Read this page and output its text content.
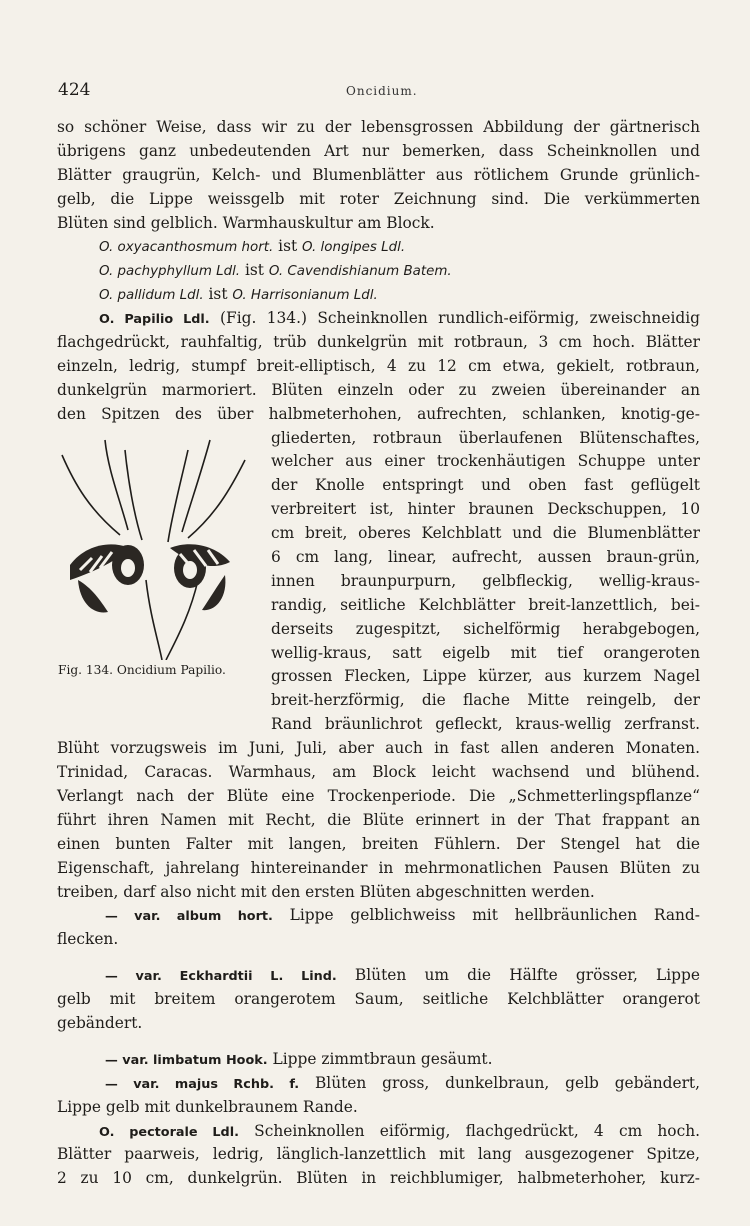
424	Oncidium.
so schöner Weise, dass wir zu der lebensgrossen Abbildung der gärtnerisch
übrigens ganz unbedeutenden Art nur bemerken, dass Scheinknollen und
Blätter graugrün, Kelch- und Blumenblätter aus rötlichem Grunde grünlich-
gelb, die Lippe weissgelb mit roter Zeichnung sind. Die verkümmerten
Blüten sind gelblich. Warmhauskultur am Block.
O. oxyacanthosmum hort. ist O. longipes Ldl.
O. pachyphyllum Ldl. ist O. Cavendishianum Batem.
O. pallidum Ldl. ist O. Harrisonianum Ldl.
O. Papilio Ldl. (Fig. 134.) Scheinknollen rundlich-eiförmig, zweischneidig
flachgedrückt, rauhfaltig, trüb dunkelgrün mit rotbraun, 3 cm hoch. Blätter
einzeln, ledrig, stumpf breit-elliptisch, 4 zu 12 cm etwa, gekielt, rotbraun,
dunkelgrün marmoriert. Blüten einzeln oder zu zweien übereinander an
den Spitzen des über halbmeterhohen, aufrechten, schlanken, knotig-ge-
gliederten, rotbraun überlaufenen Blütenschaftes,
welcher aus einer trockenhäutigen Schuppe unter
der Knolle entspringt und oben fast geflügelt
verbreitert ist, hinter braunen Deckschuppen, 10
cm breit, oberes Kelchblatt und die Blumenblätter
6 cm lang, linear, aufrecht, aussen braun-grün,
innen braunpurpurn, gelbfleckig, wellig-kraus-
randig, seitliche Kelchblätter breit-lanzettlich, bei-
derseits zugespitzt, sichelförmig herabgebogen,
wellig-kraus, satt eigelb mit tief orangeroten
grossen Flecken, Lippe kürzer, aus kurzem Nagel
breit-herzförmig, die flache Mitte reingelb, der
Rand bräunlichrot gefleckt, kraus-wellig zerfranst.
Blüht vorzugsweis im Juni, Juli, aber auch in fast allen anderen Monaten.
Trinidad, Caracas. Warmhaus, am Block leicht wachsend und blühend.
Verlangt nach der Blüte eine Trockenperiode. Die „Schmetterlingspflanze“
führt ihren Namen mit Recht, die Blüte erinnert in der That frappant an
einen bunten Falter mit langen, breiten Fühlern. Der Stengel hat die
Eigenschaft, jahrelang hintereinander in mehrmonatlichen Pausen Blüten zu
treiben, darf also nicht mit den ersten Blüten abgeschnitten werden.
— var. album hort. Lippe gelblichweiss mit hellbräunlichen Rand-
flecken.
— var. Eckhardtii L. Lind. Blüten um die Hälfte grösser, Lippe
gelb mit breitem orangerotem Saum, seitliche Kelchblätter orangerot
gebändert.
— var. limbatum Hook. Lippe zimmtbraun gesäumt.
— var. majus Rchb. f. Blüten gross, dunkelbraun, gelb gebändert,
Lippe gelb mit dunkelbraunem Rande.
O. pectorale Ldl. Scheinknollen eiförmig, flachgedrückt, 4 cm hoch.
Blätter paarweis, ledrig, länglich-lanzettlich mit lang ausgezogener Spitze,
2 zu 10 cm, dunkelgrün. Blüten in reichblumiger, halbmeterhoher, kurz-
Fig. 134. Oncidium Papilio.
